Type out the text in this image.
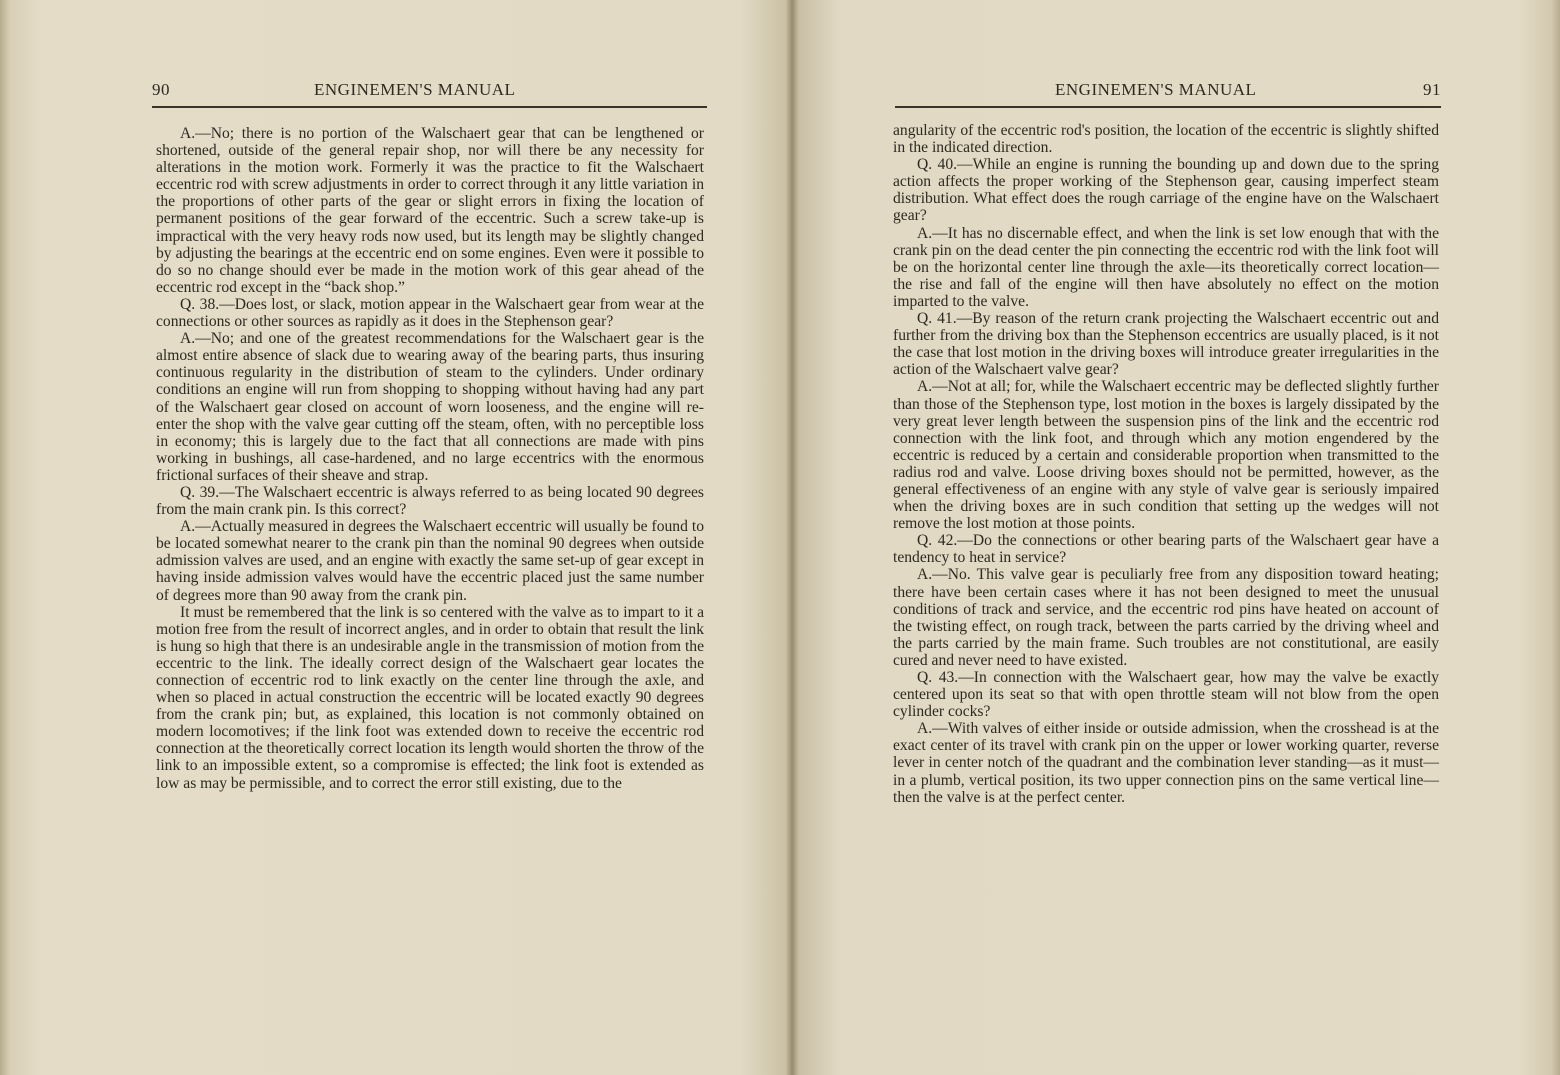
90	ENGINEMEN'S MANUAL

A.—No; there is no portion of the Walschaert gear that can be lengthened or shortened, outside of the general repair shop, nor will there be any necessity for alterations in the motion work. Formerly it was the practice to fit the Walschaert eccentric rod with screw adjustments in order to correct through it any little variation in the proportions of other parts of the gear or slight errors in fixing the location of permanent positions of the gear forward of the eccentric. Such a screw take-up is impractical with the very heavy rods now used, but its length may be slightly changed by adjusting the bearings at the eccentric end on some engines. Even were it possible to do so no change should ever be made in the motion work of this gear ahead of the eccentric rod except in the “back shop.”

Q. 38.—Does lost, or slack, motion appear in the Walschaert gear from wear at the connections or other sources as rapidly as it does in the Stephenson gear?

A.—No; and one of the greatest recommendations for the Walschaert gear is the almost entire absence of slack due to wearing away of the bearing parts, thus insuring continuous regularity in the distribution of steam to the cylinders. Under ordinary conditions an engine will run from shopping to shopping without having had any part of the Walschaert gear closed on account of worn looseness, and the engine will re-enter the shop with the valve gear cutting off the steam, often, with no perceptible loss in economy; this is largely due to the fact that all connections are made with pins working in bushings, all case-hardened, and no large eccentrics with the enormous frictional surfaces of their sheave and strap.

Q. 39.—The Walschaert eccentric is always referred to as being located 90 degrees from the main crank pin. Is this correct?

A.—Actually measured in degrees the Walschaert eccentric will usually be found to be located somewhat nearer to the crank pin than the nominal 90 degrees when outside admission valves are used, and an engine with exactly the same set-up of gear except in having inside admission valves would have the eccentric placed just the same number of degrees more than 90 away from the crank pin.

It must be remembered that the link is so centered with the valve as to impart to it a motion free from the result of incorrect angles, and in order to obtain that result the link is hung so high that there is an undesirable angle in the transmission of motion from the eccentric to the link. The ideally correct design of the Walschaert gear locates the connection of eccentric rod to link exactly on the center line through the axle, and when so placed in actual construction the eccentric will be located exactly 90 degrees from the crank pin; but, as explained, this location is not commonly obtained on modern locomotives; if the link foot was extended down to receive the eccentric rod connection at the theoretically correct location its length would shorten the throw of the link to an impossible extent, so a compromise is effected; the link foot is extended as low as may be permissible, and to correct the error still existing, due to the

ENGINEMEN'S MANUAL	91

angularity of the eccentric rod's position, the location of the eccentric is slightly shifted in the indicated direction.

Q. 40.—While an engine is running the bounding up and down due to the spring action affects the proper working of the Stephenson gear, causing imperfect steam distribution. What effect does the rough carriage of the engine have on the Walschaert gear?

A.—It has no discernable effect, and when the link is set low enough that with the crank pin on the dead center the pin connecting the eccentric rod with the link foot will be on the horizontal center line through the axle—its theoretically correct location—the rise and fall of the engine will then have absolutely no effect on the motion imparted to the valve.

Q. 41.—By reason of the return crank projecting the Walschaert eccentric out and further from the driving box than the Stephenson eccentrics are usually placed, is it not the case that lost motion in the driving boxes will introduce greater irregularities in the action of the Walschaert valve gear?

A.—Not at all; for, while the Walschaert eccentric may be deflected slightly further than those of the Stephenson type, lost motion in the boxes is largely dissipated by the very great lever length between the suspension pins of the link and the eccentric rod connection with the link foot, and through which any motion engendered by the eccentric is reduced by a certain and considerable proportion when transmitted to the radius rod and valve. Loose driving boxes should not be permitted, however, as the general effectiveness of an engine with any style of valve gear is seriously impaired when the driving boxes are in such condition that setting up the wedges will not remove the lost motion at those points.

Q. 42.—Do the connections or other bearing parts of the Walschaert gear have a tendency to heat in service?

A.—No. This valve gear is peculiarly free from any disposition toward heating; there have been certain cases where it has not been designed to meet the unusual conditions of track and service, and the eccentric rod pins have heated on account of the twisting effect, on rough track, between the parts carried by the driving wheel and the parts carried by the main frame. Such troubles are not constitutional, are easily cured and never need to have existed.

Q. 43.—In connection with the Walschaert gear, how may the valve be exactly centered upon its seat so that with open throttle steam will not blow from the open cylinder cocks?

A.—With valves of either inside or outside admission, when the crosshead is at the exact center of its travel with crank pin on the upper or lower working quarter, reverse lever in center notch of the quadrant and the combination lever standing—as it must—in a plumb, vertical position, its two upper connection pins on the same vertical line—then the valve is at the perfect center.
